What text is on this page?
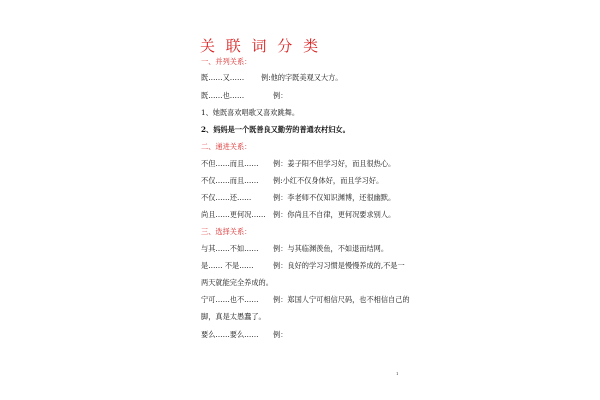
关 联 词 分 类
一、并列关系：
既……又…… 例:他的字既美观又大方。
既……也……	例：
1、她既喜欢唱歌又喜欢跳舞。
2、妈妈是一个既善良又勤劳的普通农村妇女。
二、递进关系：
不但……而且…… 例：姜子阳不但学习好，而且很热心。
不仅……而且…… 例:小红不仅身体好，而且学习好。
不仅……还……	例：李老师不仅知识渊博，还很幽默。
尚且……更何况…… 例：你尚且不自律，更何况要求别人。
三、选择关系：
与其……不如…… 例：与其临渊羡鱼，不如退而结网。
是…… 不是……	例：良好的学习习惯是慢慢养成的,不是一
两天就能完全养成的。
宁可……也不…… 例：郑国人宁可相信尺码，也不相信自己的
脚，真是太愚蠢了。
要么……要么…… 例：
1
